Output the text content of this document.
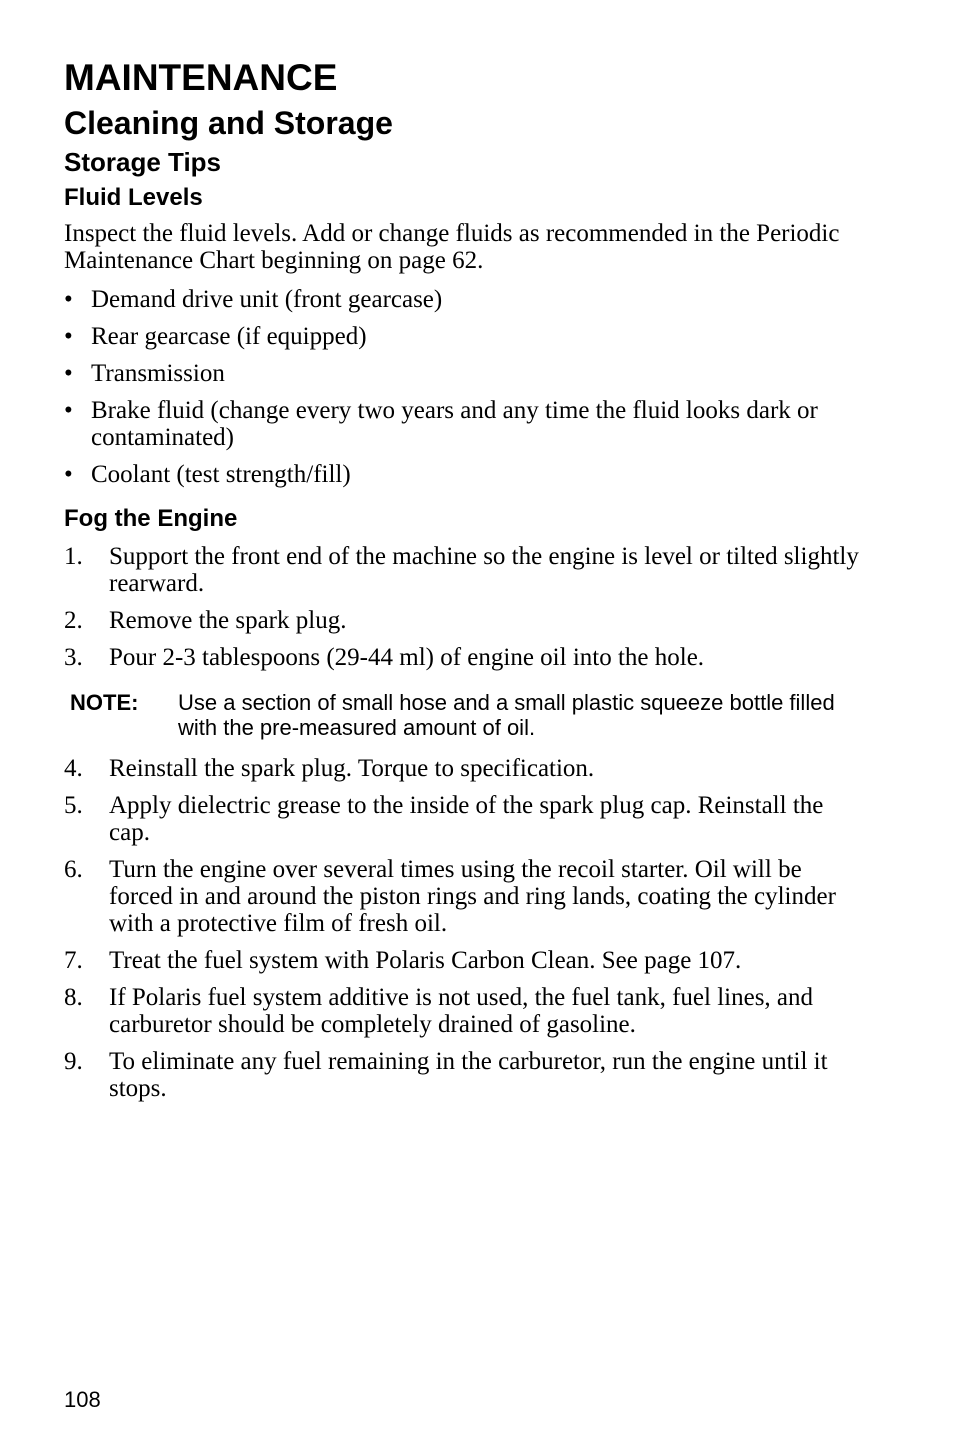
MAINTENANCE
Cleaning and Storage
Storage Tips
Fluid Levels

Inspect the fluid levels. Add or change fluids as recommended in the Periodic Maintenance Chart beginning on page 62.

• Demand drive unit (front gearcase)
• Rear gearcase (if equipped)
• Transmission
• Brake fluid (change every two years and any time the fluid looks dark or contaminated)
• Coolant (test strength/fill)
Fog the Engine
1. Support the front end of the machine so the engine is level or tilted slightly rearward.
2. Remove the spark plug.
3. Pour 2-3 tablespoons (29-44 ml) of engine oil into the hole.
NOTE: Use a section of small hose and a small plastic squeeze bottle filled with the pre-measured amount of oil.
4. Reinstall the spark plug. Torque to specification.
5. Apply dielectric grease to the inside of the spark plug cap. Reinstall the cap.
6. Turn the engine over several times using the recoil starter. Oil will be forced in and around the piston rings and ring lands, coating the cylinder with a protective film of fresh oil.
7. Treat the fuel system with Polaris Carbon Clean. See page 107.
8. If Polaris fuel system additive is not used, the fuel tank, fuel lines, and carburetor should be completely drained of gasoline.
9. To eliminate any fuel remaining in the carburetor, run the engine until it stops.
108
